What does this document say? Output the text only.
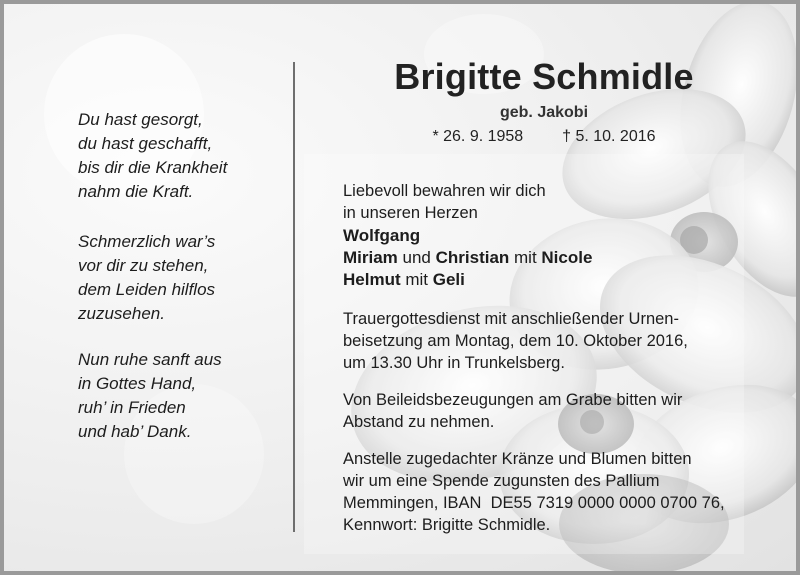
Du hast gesorgt,
du hast geschafft,
bis dir die Krankheit
nahm die Kraft.
Schmerzlich war’s
vor dir zu stehen,
dem Leiden hilflos
zuzusehen.
Nun ruhe sanft aus
in Gottes Hand,
ruh’ in Frieden
und hab’ Dank.
Brigitte Schmidle
geb. Jakobi
* 26. 9. 1958 † 5. 10. 2016
Liebevoll bewahren wir dich
in unseren Herzen
Wolfgang
Miriam und Christian mit Nicole
Helmut mit Geli
Trauergottesdienst mit anschließender Urnen-
beisetzung am Montag, dem 10. Oktober 2016,
um 13.30 Uhr in Trunkelsberg.
Von Beileidsbezeugungen am Grabe bitten wir
Abstand zu nehmen.
Anstelle zugedachter Kränze und Blumen bitten
wir um eine Spende zugunsten des Pallium
Memmingen, IBAN  DE55 7319 0000 0000 0700 76,
Kennwort: Brigitte Schmidle.
